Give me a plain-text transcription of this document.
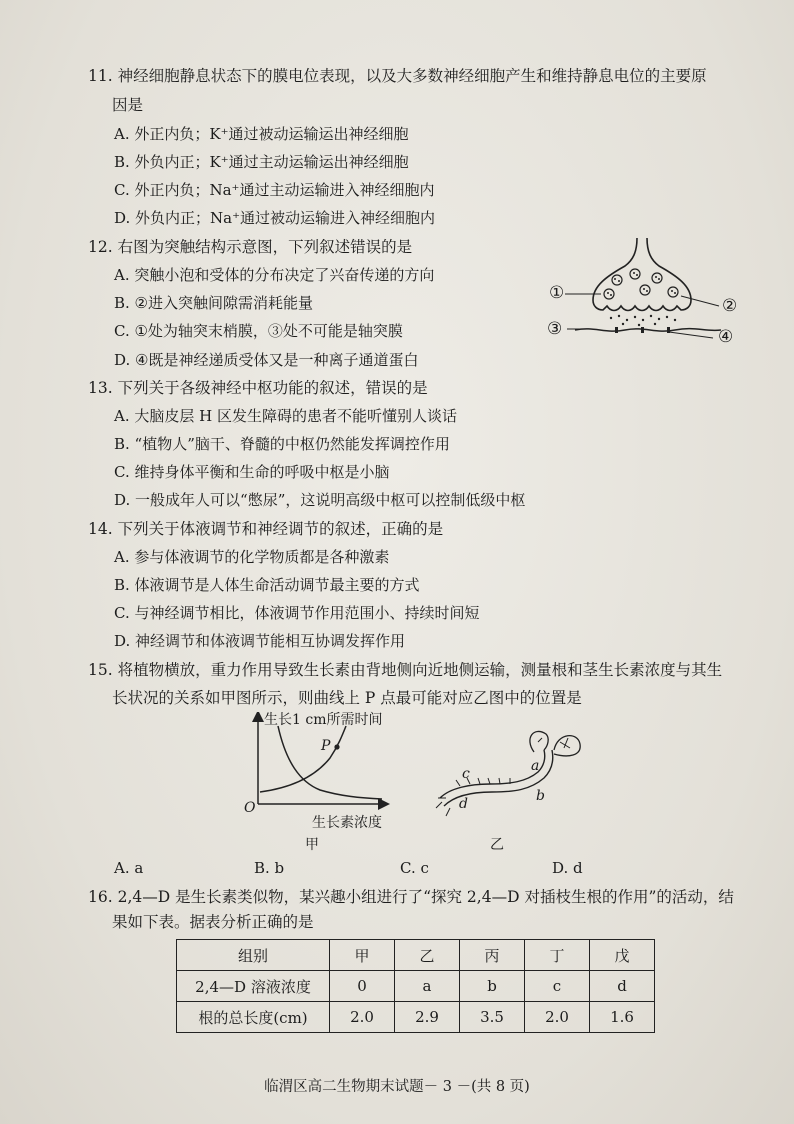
11. 神经细胞静息状态下的膜电位表现，以及大多数神经细胞产生和维持静息电位的主要原
因是
A. 外正内负；K⁺通过被动运输运出神经细胞
B. 外负内正；K⁺通过主动运输运出神经细胞
C. 外正内负；Na⁺通过主动运输进入神经细胞内
D. 外负内正；Na⁺通过被动运输进入神经细胞内
12. 右图为突触结构示意图，下列叙述错误的是
A. 突触小泡和受体的分布决定了兴奋传递的方向
B. ②进入突触间隙需消耗能量
C. ①处为轴突末梢膜，③处不可能是轴突膜
D. ④既是神经递质受体又是一种离子通道蛋白
①
②
③	④
13. 下列关于各级神经中枢功能的叙述，错误的是
A. 大脑皮层 H 区发生障碍的患者不能听懂别人谈话
B. “植物人”脑干、脊髓的中枢仍然能发挥调控作用
C. 维持身体平衡和生命的呼吸中枢是小脑
D. 一般成年人可以“憋尿”，这说明高级中枢可以控制低级中枢
14. 下列关于体液调节和神经调节的叙述，正确的是
A. 参与体液调节的化学物质都是各种激素
B. 体液调节是人体生命活动调节最主要的方式
C. 与神经调节相比，体液调节作用范围小、持续时间短
D. 神经调节和体液调节能相互协调发挥作用
15. 将植物横放，重力作用导致生长素由背地侧向近地侧运输，测量根和茎生长素浓度与其生
长状况的关系如甲图所示，则曲线上 P 点最可能对应乙图中的位置是
生长1 cm所需时间
P
O
生长素浓度
甲
a
b
c
d
乙
A. a	B. b	C. c	D. d
16. 2,4—D 是生长素类似物，某兴趣小组进行了“探究 2,4—D 对插枝生根的作用”的活动，结
果如下表。据表分析正确的是
组别	甲	乙	丙	丁	戊
2,4—D 溶液浓度	0	a	b	c	d
根的总长度(cm)	2.0	2.9	3.5	2.0	1.6
临渭区高二生物期末试题－ 3 －(共 8 页)
